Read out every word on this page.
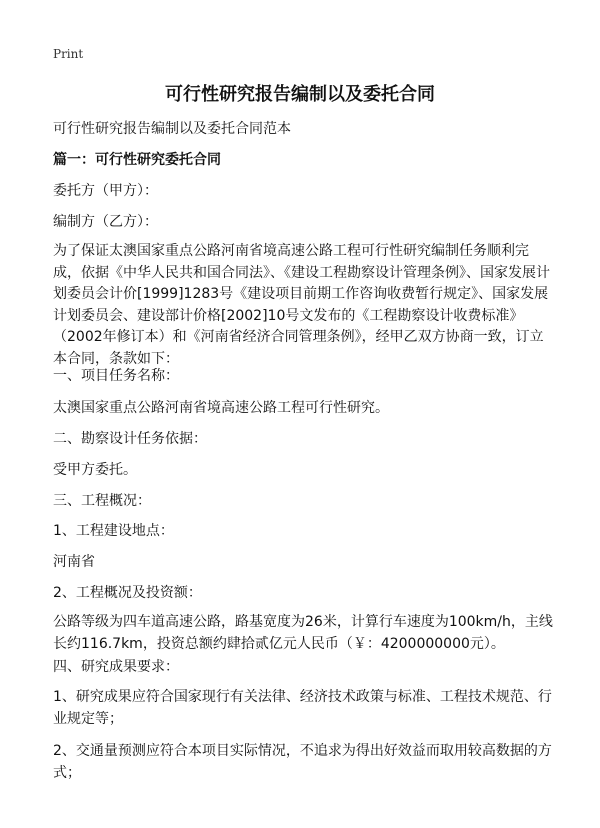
Print
可行性研究报告编制以及委托合同
可行性研究报告编制以及委托合同范本
篇一：可行性研究委托合同
委托方（甲方）：
编制方（乙方）：
为了保证太澳国家重点公路河南省境高速公路工程可行性研究编制任务顺利完成，依据《中华人民共和国合同法》、《建设工程勘察设计管理条例》、国家发展计划委员会计价[1999]1283号《建设项目前期工作咨询收费暂行规定》、国家发展计划委员会、建设部计价格[2002]10号文发布的《工程勘察设计收费标准》（2002年修订本）和《河南省经济合同管理条例》，经甲乙双方协商一致，订立本合同，条款如下：
一、项目任务名称：
太澳国家重点公路河南省境高速公路工程可行性研究。
二、勘察设计任务依据：
受甲方委托。
三、工程概况：
1、工程建设地点：
河南省
2、工程概况及投资额：
公路等级为四车道高速公路，路基宽度为26米，计算行车速度为100km/h，主线长约116.7km，投资总额约肆拾贰亿元人民币（￥：4200000000元）。
四、研究成果要求：
1、研究成果应符合国家现行有关法律、经济技术政策与标准、工程技术规范、行业规定等；
2、交通量预测应符合本项目实际情况，不追求为得出好效益而取用较高数据的方式；
